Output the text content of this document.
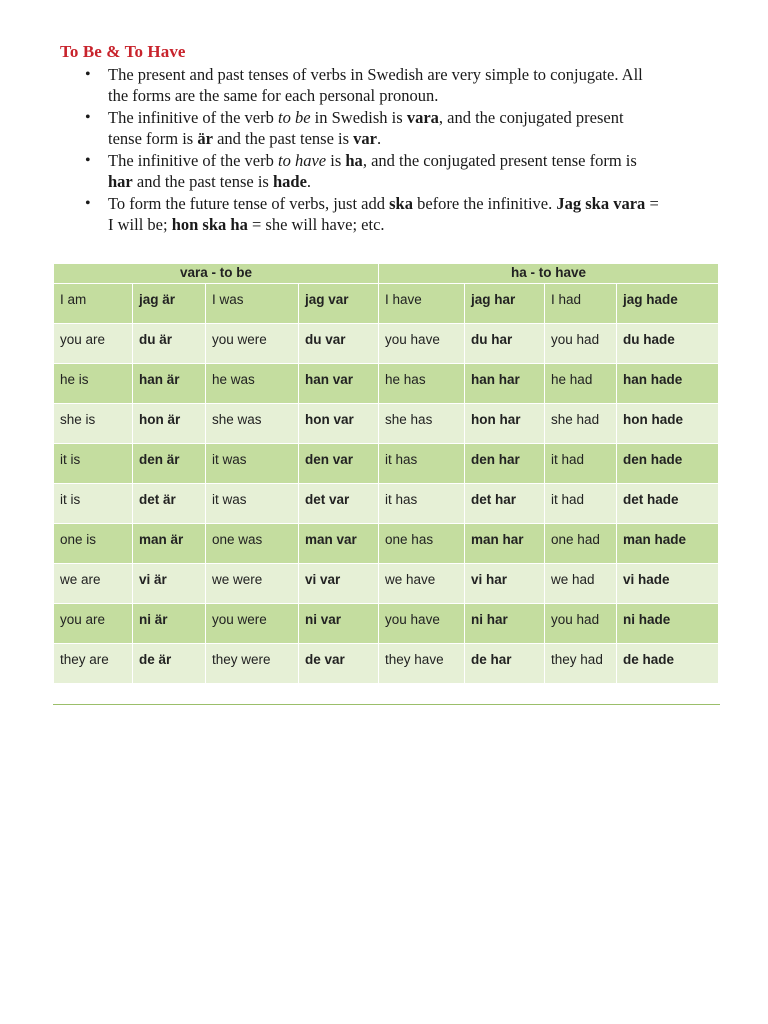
To Be & To Have
• The present and past tenses of verbs in Swedish are very simple to conjugate. All the forms are the same for each personal pronoun.
• The infinitive of the verb to be in Swedish is vara, and the conjugated present tense form is är and the past tense is var.
• The infinitive of the verb to have is ha, and the conjugated present tense form is har and the past tense is hade.
• To form the future tense of verbs, just add ska before the infinitive. Jag ska vara = I will be; hon ska ha = she will have; etc.
vara - to be				ha - to have			
I am	jag är	I was	jag var	I have	jag har	I had	jag hade
you are	du är	you were	du var	you have	du har	you had	du hade
he is	han är	he was	han var	he has	han har	he had	han hade
she is	hon är	she was	hon var	she has	hon har	she had	hon hade
it is	den är	it was	den var	it has	den har	it had	den hade
it is	det är	it was	det var	it has	det har	it had	det hade
one is	man är	one was	man var	one has	man har	one had	man hade
we are	vi är	we were	vi var	we have	vi har	we had	vi hade
you are	ni är	you were	ni var	you have	ni har	you had	ni hade
they are	de är	they were	de var	they have	de har	they had	de hade
